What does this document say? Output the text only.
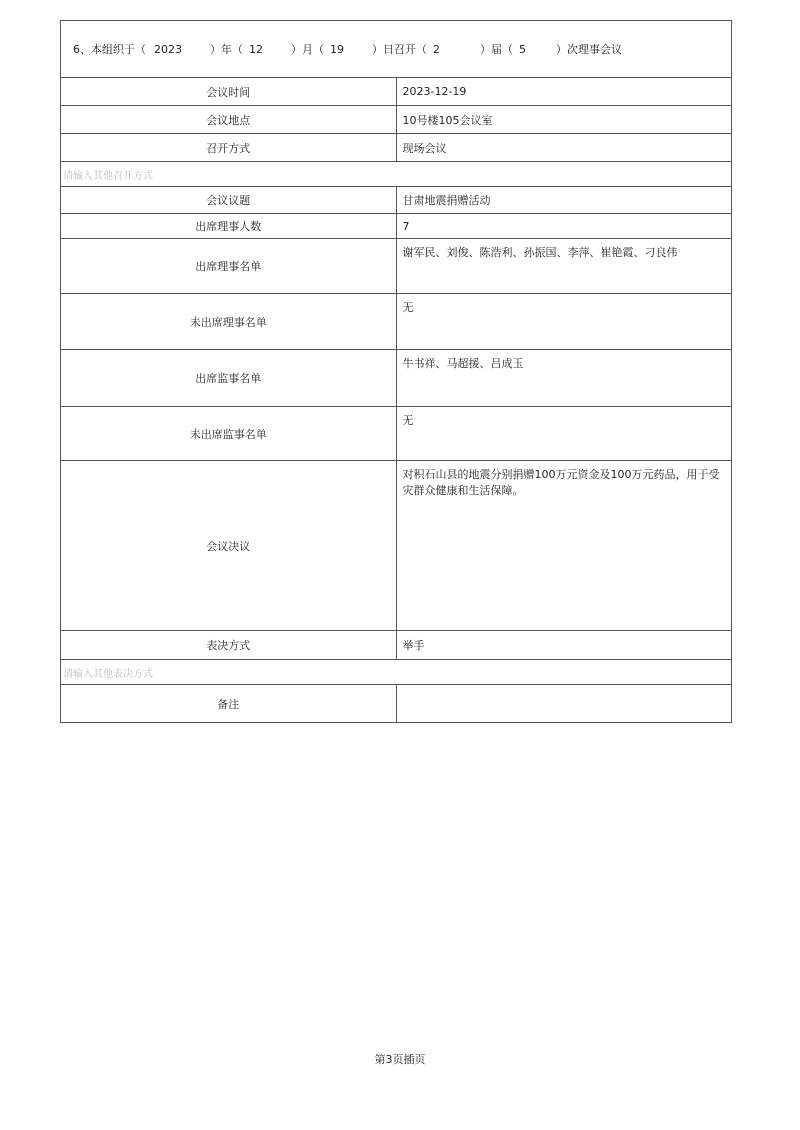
6、本组织于（ 2023 ）年（ 12 ）月（ 19 ）日召开（ 2 ）届（ 5 ）次理事会议	
会议时间	2023-12-19
会议地点	10号楼105会议室
召开方式	现场会议
请输入其他召开方式	
会议议题	甘肃地震捐赠活动
出席理事人数	7
出席理事名单	谢军民、刘俊、陈浩利、孙振国、李萍、崔艳霞、刁良伟
未出席理事名单	无
出席监事名单	牛书祥、马超援、吕成玉
未出席监事名单	无
会议决议	对积石山县的地震分别捐赠100万元资金及100万元药品，用于受灾群众健康和生活保障。
表决方式	举手
请输入其他表决方式	
备注	
第3页插页
